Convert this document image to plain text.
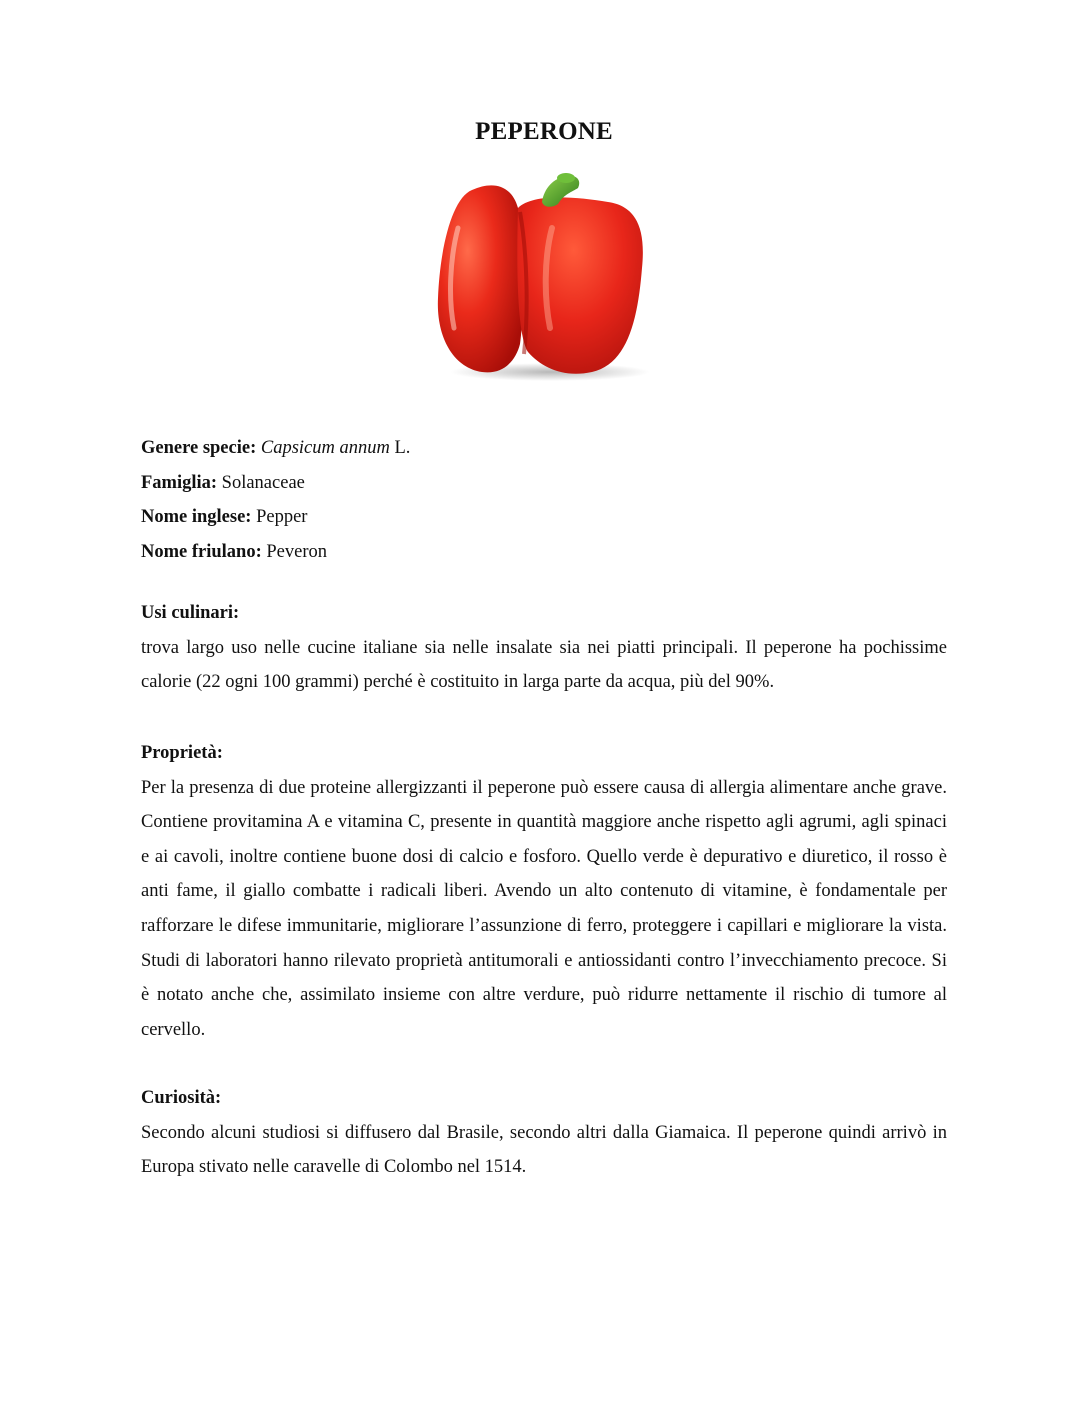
PEPERONE

Genere specie: Capsicum annum L.

Famiglia: Solanaceae

Nome inglese: Pepper

Nome friulano: Peveron

Usi culinari:

trova largo uso nelle cucine italiane sia nelle insalate sia nei piatti principali. Il peperone ha pochissime calorie (22 ogni 100 grammi) perché è costituito in larga parte da acqua, più del 90%.

Proprietà:

Per la presenza di due proteine allergizzanti il peperone può essere causa di allergia alimentare anche grave. Contiene provitamina A e vitamina C, presente in quantità maggiore anche rispetto agli agrumi, agli spinaci e ai cavoli, inoltre contiene buone dosi di calcio e fosforo. Quello verde è depurativo e diuretico, il rosso è anti fame, il giallo combatte i radicali liberi. Avendo un alto contenuto di vitamine, è fondamentale per rafforzare le difese immunitarie, migliorare l’assunzione di ferro, proteggere i capillari e migliorare la vista. Studi di laboratori hanno rilevato proprietà antitumorali e antiossidanti contro l’invecchiamento precoce. Si è notato anche che, assimilato insieme con altre verdure, può ridurre nettamente il rischio di tumore al cervello.

Curiosità:

Secondo alcuni studiosi si diffusero dal Brasile, secondo altri dalla Giamaica. Il peperone quindi arrivò in Europa stivato nelle caravelle di Colombo nel 1514.
